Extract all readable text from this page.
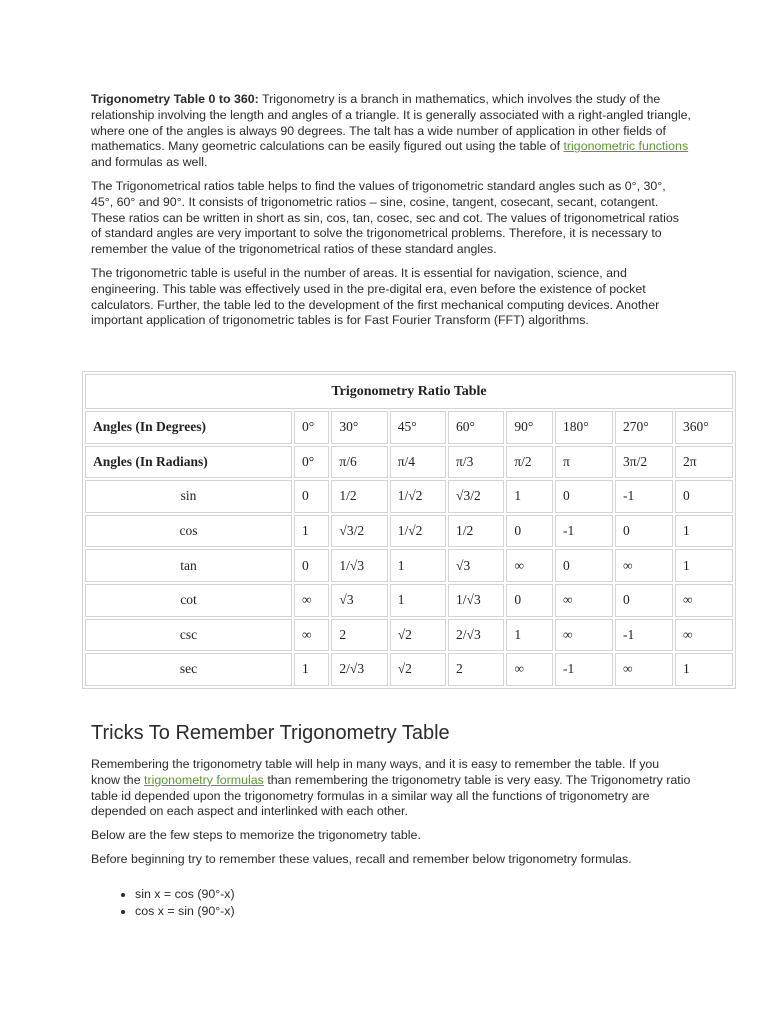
Trigonometry Table 0 to 360: Trigonometry is a branch in mathematics, which involves the study of the relationship involving the length and angles of a triangle. It is generally associated with a right-angled triangle, where one of the angles is always 90 degrees. The talt has a wide number of application in other fields of mathematics. Many geometric calculations can be easily figured out using the table of trigonometric functions and formulas as well.

The Trigonometrical ratios table helps to find the values of trigonometric standard angles such as 0°, 30°, 45°, 60° and 90°. It consists of trigonometric ratios – sine, cosine, tangent, cosecant, secant, cotangent. These ratios can be written in short as sin, cos, tan, cosec, sec and cot. The values of trigonometrical ratios of standard angles are very important to solve the trigonometrical problems. Therefore, it is necessary to remember the value of the trigonometrical ratios of these standard angles.

The trigonometric table is useful in the number of areas. It is essential for navigation, science, and engineering. This table was effectively used in the pre-digital era, even before the existence of pocket calculators. Further, the table led to the development of the first mechanical computing devices. Another important application of trigonometric tables is for Fast Fourier Transform (FFT) algorithms.

Trigonometry Ratio Table								
Angles (In Degrees)	0°	30°	45°	60°	90°	180°	270°	360°
Angles (In Radians)	0°	π/6	π/4	π/3	π/2	π	3π/2	2π
sin	0	1/2	1/√2	√3/2	1	0	-1	0
cos	1	√3/2	1/√2	1/2	0	-1	0	1
tan	0	1/√3	1	√3	∞	0	∞	1
cot	∞	√3	1	1/√3	0	∞	0	∞
csc	∞	2	√2	2/√3	1	∞	-1	∞
sec	1	2/√3	√2	2	∞	-1	∞	1
Tricks To Remember Trigonometry Table

Remembering the trigonometry table will help in many ways, and it is easy to remember the table. If you know the trigonometry formulas than remembering the trigonometry table is very easy. The Trigonometry ratio table id depended upon the trigonometry formulas in a similar way all the functions of trigonometry are depended on each aspect and interlinked with each other.

Below are the few steps to memorize the trigonometry table.

Before beginning try to remember these values, recall and remember below trigonometry formulas.

• sin x = cos (90°-x)
• cos x = sin (90°-x)
